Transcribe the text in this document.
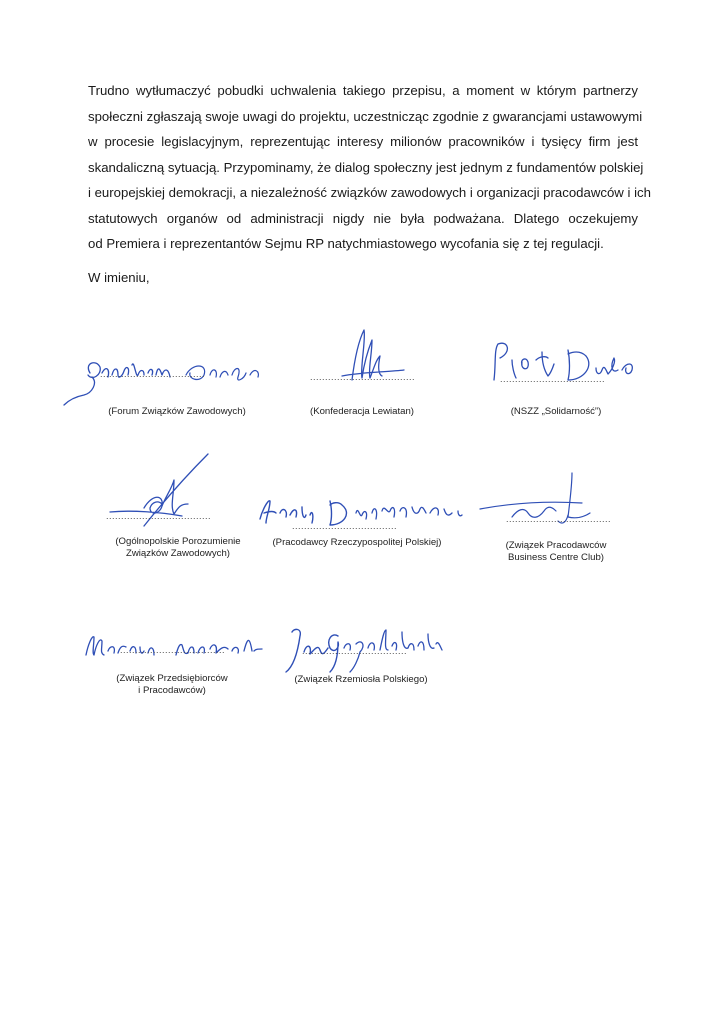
Trudno wytłumaczyć pobudki uchwalenia takiego przepisu, a moment w którym partnerzy
społeczni zgłaszają swoje uwagi do projektu, uczestnicząc zgodnie z gwarancjami ustawowymi
w procesie legislacyjnym, reprezentując interesy milionów pracowników i tysięcy firm jest
skandaliczną sytuacją. Przypominamy, że dialog społeczny jest jednym z fundamentów polskiej
i europejskiej demokracji, a niezależność związków zawodowych i organizacji pracodawców i ich
statutowych organów od administracji nigdy nie była podważana. Dlatego oczekujemy
od Premiera i reprezentantów Sejmu RP natychmiastowego wycofania się z tej regulacji.
W imieniu,
...................................
(Forum Związków Zawodowych)
...................................
(Konfederacja Lewiatan)
...................................
(NSZZ „Solidarność”)
...................................
(Ogólnopolskie Porozumienie
Związków Zawodowych)
...................................
(Pracodawcy Rzeczypospolitej Polskiej)
...................................
(Związek Pracodawców
Business Centre Club)
...................................
(Związek Przedsiębiorców
i Pracodawców)
...................................
(Związek Rzemiosła Polskiego)
